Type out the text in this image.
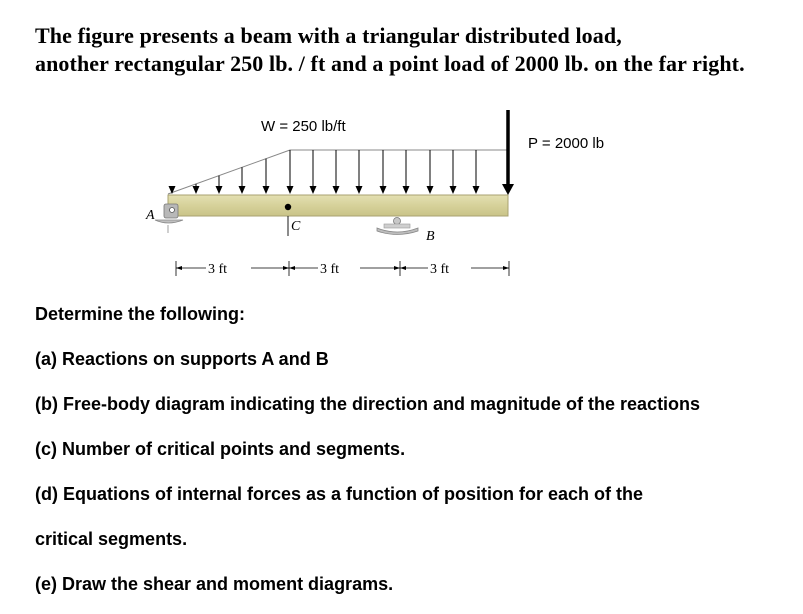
The figure presents a beam with a triangular distributed load,
another rectangular 250 lb. / ft and a point load of 2000 lb. on the far right.
A
C
B
W = 250 lb/ft
P = 2000 lb
3 ft	3 ft	3 ft
Determine the following:
(a) Reactions on supports A and B
(b) Free-body diagram indicating the direction and magnitude of the reactions
(c) Number of critical points and segments.
(d) Equations of internal forces as a function of position for each of the
critical segments.
(e) Draw the shear and moment diagrams.
